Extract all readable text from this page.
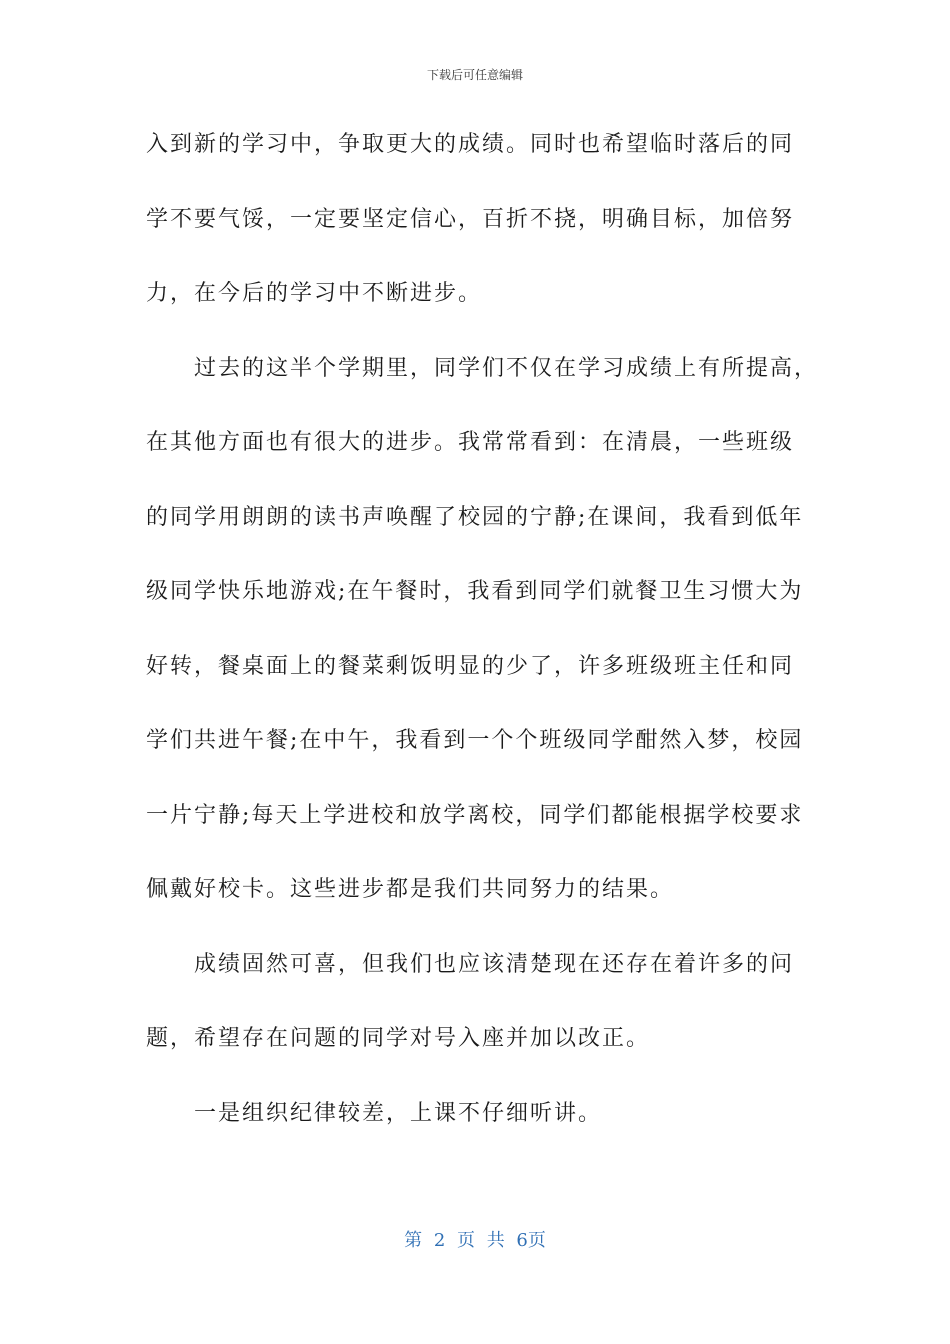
下载后可任意编辑
入到新的学习中，争取更大的成绩。同时也希望临时落后的同
学不要气馁，一定要坚定信心，百折不挠，明确目标，加倍努
力，在今后的学习中不断进步。
过去的这半个学期里，同学们不仅在学习成绩上有所提高，
在其他方面也有很大的进步。我常常看到：在清晨，一些班级
的同学用朗朗的读书声唤醒了校园的宁静;在课间，我看到低年
级同学快乐地游戏;在午餐时，我看到同学们就餐卫生习惯大为
好转，餐桌面上的餐菜剩饭明显的少了，许多班级班主任和同
学们共进午餐;在中午，我看到一个个班级同学酣然入梦，校园
一片宁静;每天上学进校和放学离校，同学们都能根据学校要求
佩戴好校卡。这些进步都是我们共同努力的结果。
成绩固然可喜，但我们也应该清楚现在还存在着许多的问
题，希望存在问题的同学对号入座并加以改正。
一是组织纪律较差，上课不仔细听讲。
第 2 页 共 6页
